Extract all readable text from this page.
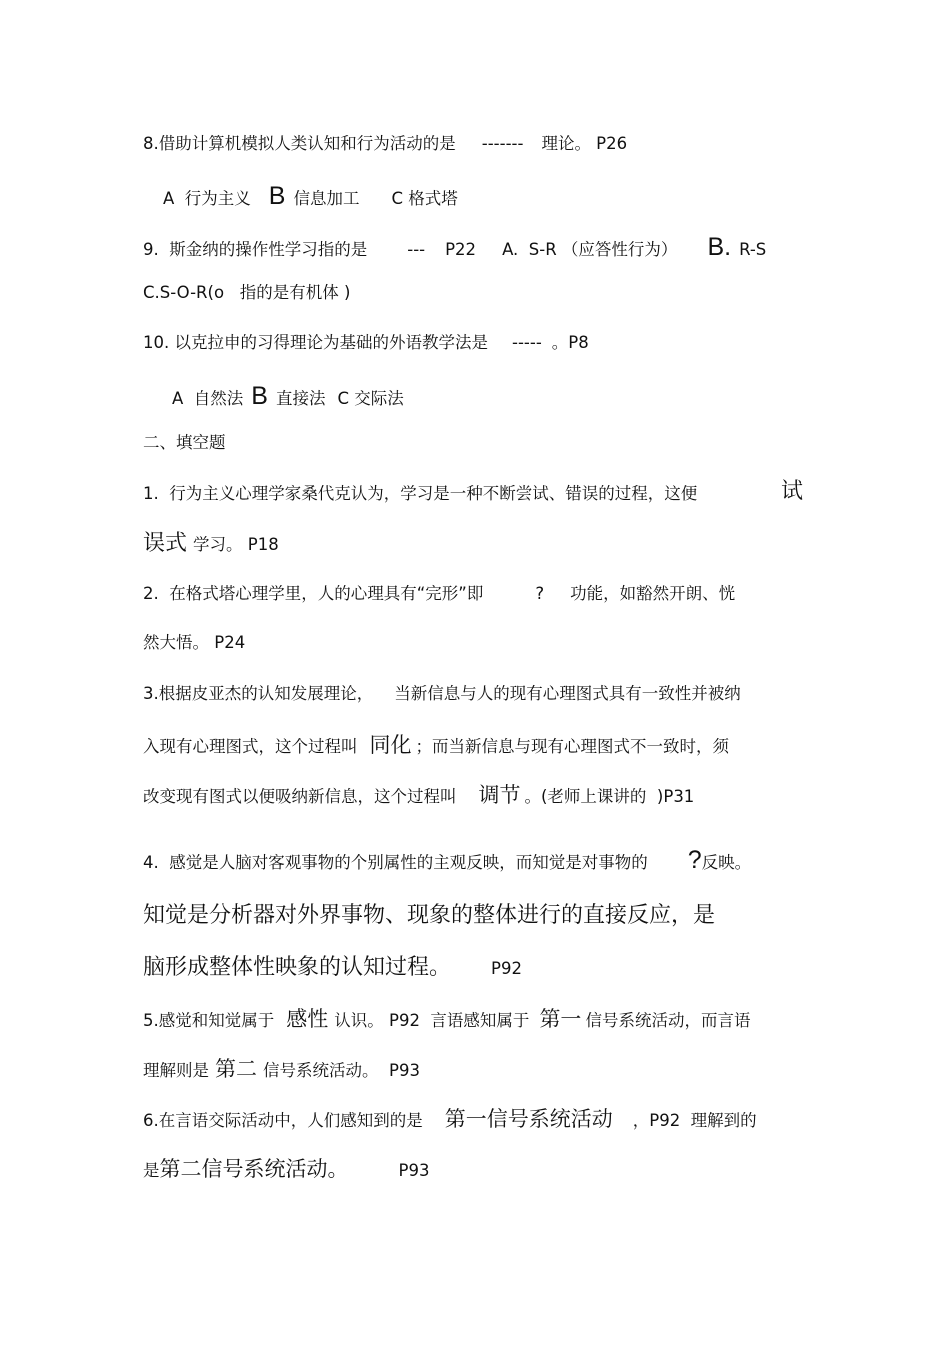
8.借助计算机模拟人类认知和行为活动的是 ------- 理论。 P26
A  行为主义 B 信息加工 C 格式塔
9.  斯金纳的操作性学习指的是 --- P22 A.  S-R （应答性行为） B. R-S
C.S-O-R(o   指的是有机体 )
10. 以克拉申的习得理论为基础的外语教学法是 ----- 。P8
A  自然法 B 直接法 C 交际法
二、填空题
1.  行为主义心理学家桑代克认为，学习是一种不断尝试、错误的过程，这便	试
误式 学习。 P18
2.  在格式塔心理学里，人的心理具有“完形”即	? 功能，如豁然开朗、恍
然大悟。 P24
3.根据皮亚杰的认知发展理论，    当新信息与人的现有心理图式具有一致性并被纳
入现有心理图式，这个过程叫 同化 ；而当新信息与现有心理图式不一致时，须
改变现有图式以便吸纳新信息，这个过程叫 调节 。(老师上课讲的  )P31
4.  感觉是人脑对客观事物的个别属性的主观反映，而知觉是对事物的 ?反映。
知觉是分析器对外界事物、现象的整体进行的直接反应，是
脑形成整体性映象的认知过程。 P92
5.感觉和知觉属于 感性 认识。 P92  言语感知属于 第一 信号系统活动，而言语
理解则是 第二 信号系统活动。  P93
6.在言语交际活动中，人们感知到的是 第一信号系统活动 ，P92  理解到的
是第二信号系统活动。	P93
